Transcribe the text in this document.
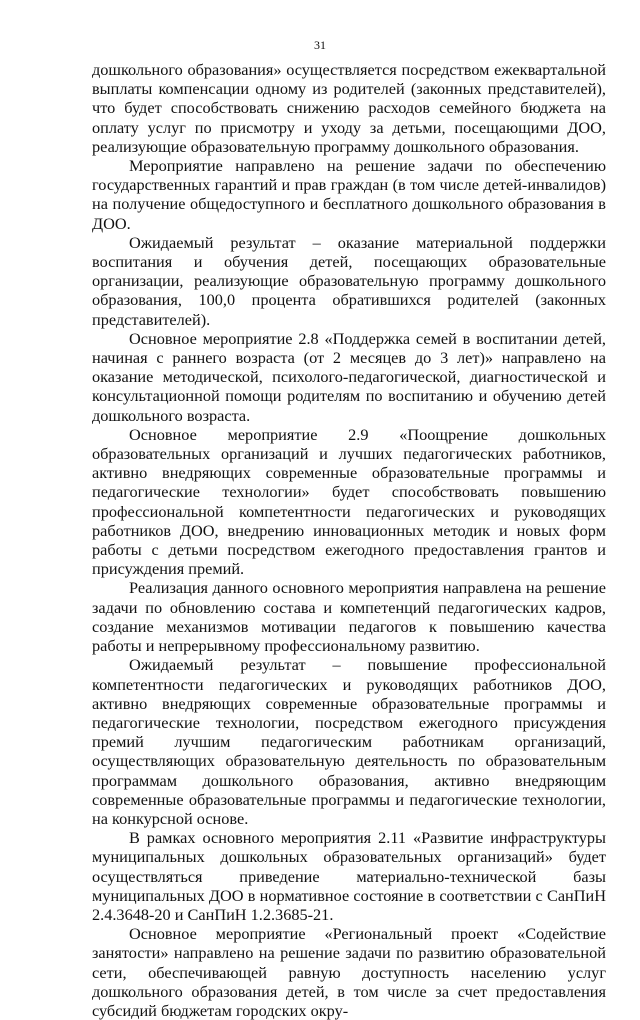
31

дошкольного образования» осуществляется посредством ежеквартальной выплаты компенсации одному из родителей (законных представителей), что будет способствовать снижению расходов семейного бюджета на оплату услуг по присмотру и уходу за детьми, посещающими ДОО, реализующие образовательную программу дошкольного образования.

Мероприятие направлено на решение задачи по обеспечению государственных гарантий и прав граждан (в том числе детей-инвалидов) на получение общедоступного и бесплатного дошкольного образования в ДОО.

Ожидаемый результат – оказание материальной поддержки воспитания и обучения детей, посещающих образовательные организации, реализующие образовательную программу дошкольного образования, 100,0 процента обратившихся родителей (законных представителей).

Основное мероприятие 2.8 «Поддержка семей в воспитании детей, начиная с раннего возраста (от 2 месяцев до 3 лет)» направлено на оказание методической, психолого-педагогической, диагностической и консультационной помощи родителям по воспитанию и обучению детей дошкольного возраста.

Основное мероприятие 2.9 «Поощрение дошкольных образовательных организаций и лучших педагогических работников, активно внедряющих современные образовательные программы и педагогические технологии» будет способствовать повышению профессиональной компетентности педагогических и руководящих работников ДОО, внедрению инновационных методик и новых форм работы с детьми посредством ежегодного предоставления грантов и присуждения премий.

Реализация данного основного мероприятия направлена на решение задачи по обновлению состава и компетенций педагогических кадров, создание механизмов мотивации педагогов к повышению качества работы и непрерывному профессиональному развитию.

Ожидаемый результат – повышение профессиональной компетентности педагогических и руководящих работников ДОО, активно внедряющих современные образовательные программы и педагогические технологии, посредством ежегодного присуждения премий лучшим педагогическим работникам организаций, осуществляющих образовательную деятельность по образовательным программам дошкольного образования, активно внедряющим современные образовательные программы и педагогические технологии, на конкурсной основе.

В рамках основного мероприятия 2.11 «Развитие инфраструктуры муниципальных дошкольных образовательных организаций» будет осуществляться приведение материально-технической базы муниципальных ДОО в нормативное состояние в соответствии с СанПиН 2.4.3648-20 и СанПиН 1.2.3685-21.

Основное мероприятие «Региональный проект «Содействие занятости» направлено на решение задачи по развитию образовательной сети, обеспечивающей равную доступность населению услуг дошкольного образования детей, в том числе за счет предоставления субсидий бюджетам городских окру-
